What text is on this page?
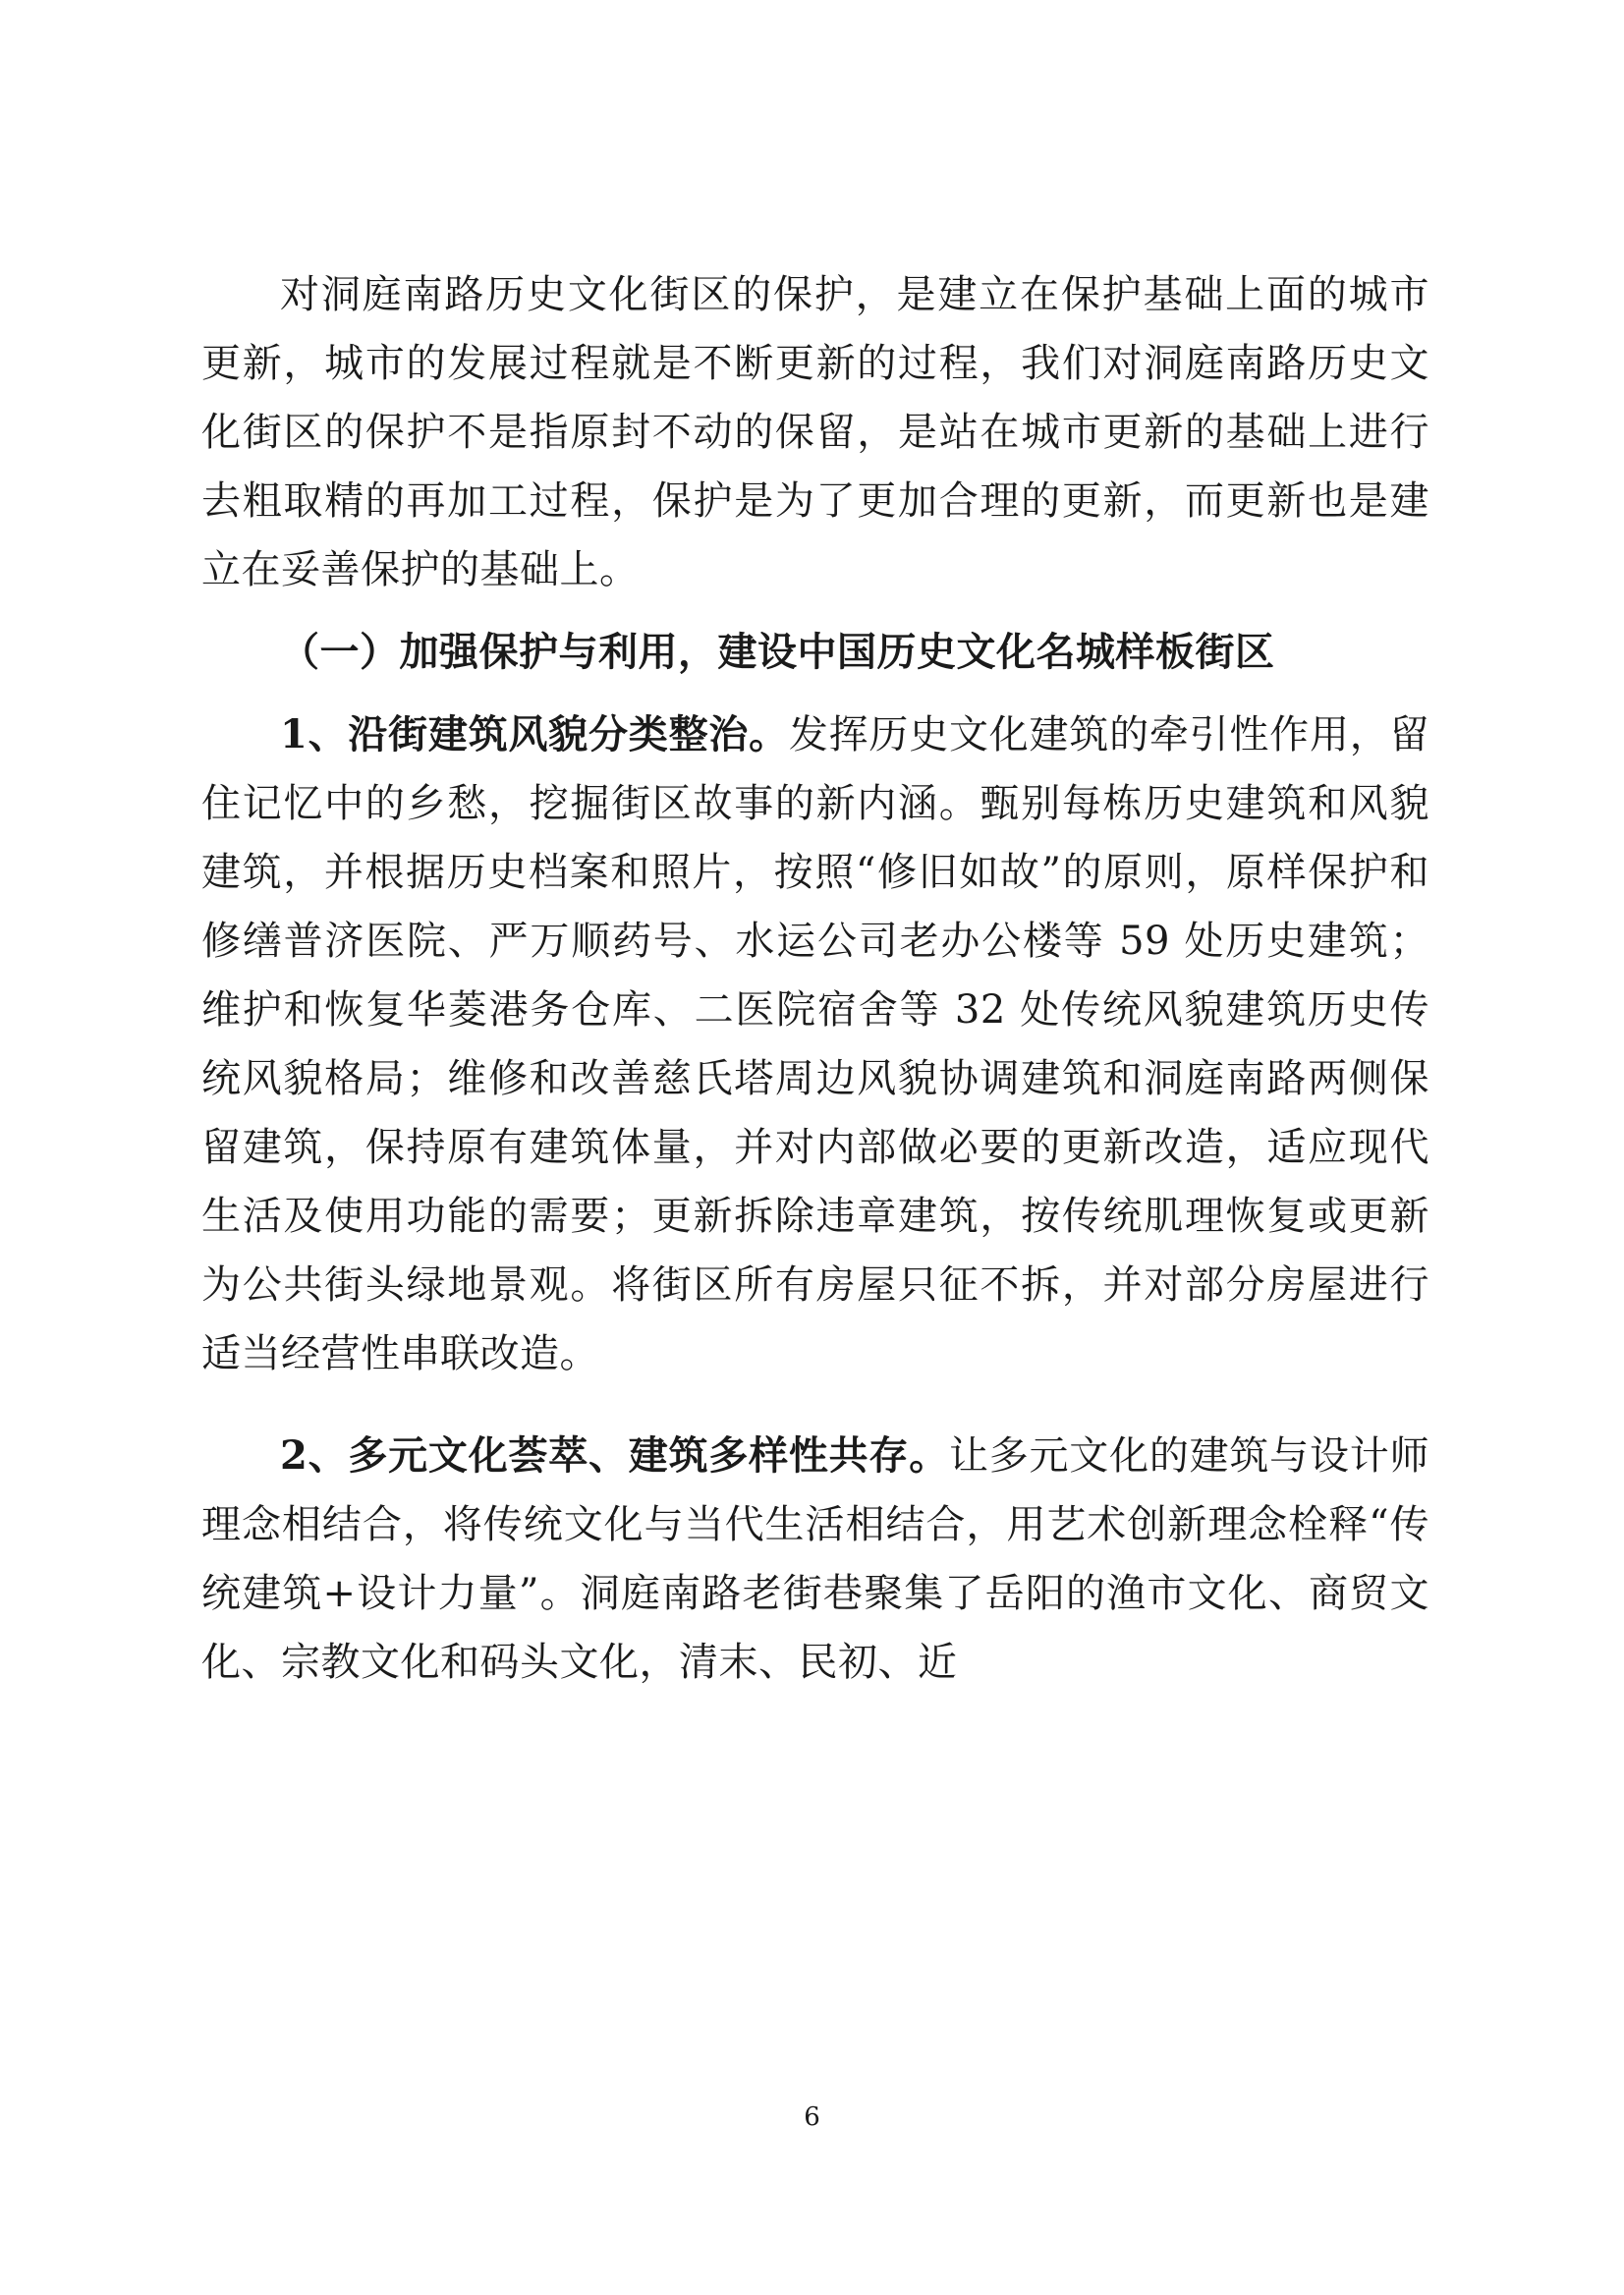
对洞庭南路历史文化街区的保护，是建立在保护基础上面的城市更新，城市的发展过程就是不断更新的过程，我们对洞庭南路历史文化街区的保护不是指原封不动的保留，是站在城市更新的基础上进行去粗取精的再加工过程，保护是为了更加合理的更新，而更新也是建立在妥善保护的基础上。

（一）加强保护与利用，建设中国历史文化名城样板街区

1、沿街建筑风貌分类整治。发挥历史文化建筑的牵引性作用，留住记忆中的乡愁，挖掘街区故事的新内涵。甄别每栋历史建筑和风貌建筑，并根据历史档案和照片，按照“修旧如故”的原则，原样保护和修缮普济医院、严万顺药号、水运公司老办公楼等 59 处历史建筑；维护和恢复华菱港务仓库、二医院宿舍等 32 处传统风貌建筑历史传统风貌格局；维修和改善慈氏塔周边风貌协调建筑和洞庭南路两侧保留建筑，保持原有建筑体量，并对内部做必要的更新改造，适应现代生活及使用功能的需要；更新拆除违章建筑，按传统肌理恢复或更新为公共街头绿地景观。将街区所有房屋只征不拆，并对部分房屋进行适当经营性串联改造。

2、多元文化荟萃、建筑多样性共存。让多元文化的建筑与设计师理念相结合，将传统文化与当代生活相结合，用艺术创新理念栓释“传统建筑+设计力量”。洞庭南路老街巷聚集了岳阳的渔市文化、商贸文化、宗教文化和码头文化，清末、民初、近

6
